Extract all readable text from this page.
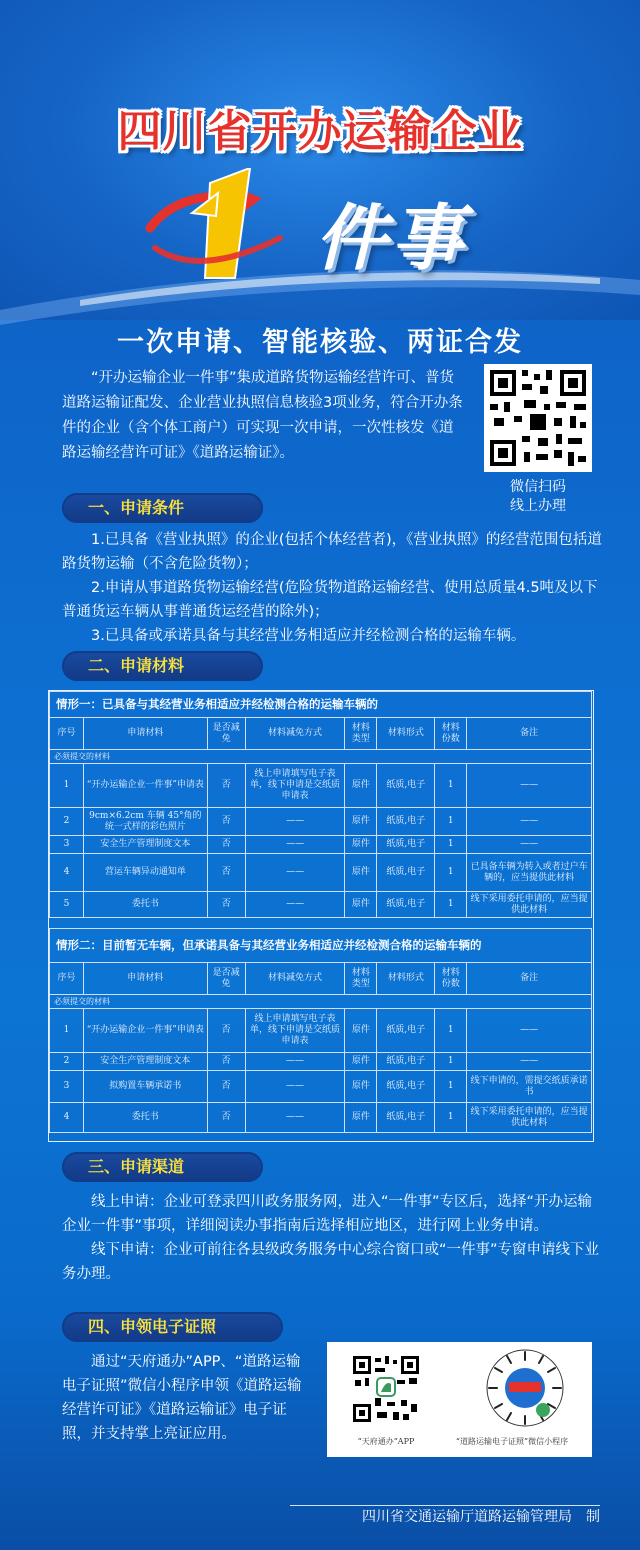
四川省开办运输企业
件事
一次申请、智能核验、两证合发
“开办运输企业一件事”集成道路货物运输经营许可、普货道路运输证配发、企业营业执照信息核验3项业务，符合开办条件的企业（含个体工商户）可实现一次申请，一次性核发《道路运输经营许可证》《道路运输证》。
微信扫码
线上办理
一、申请条件

1.已具备《营业执照》的企业(包括个体经营者)，《营业执照》的经营范围包括道路货物运输（不含危险货物）；

2.申请从事道路货物运输经营(危险货物道路运输经营、使用总质量4.5吨及以下普通货运车辆从事普通货运经营的除外)；

3.已具备或承诺具备与其经营业务相适应并经检测合格的运输车辆。

二、申请材料
情形一：已具备与其经营业务相适应并经检测合格的运输车辆的							
序号	申请材料	是否减免	材料减免方式	材料类型	材料形式	材料份数	备注
必须提交的材料							
1	“开办运输企业一件事”申请表	否	线上申请填写电子表单，线下申请是交纸质申请表	原件	纸质,电子	1	——
2	9cm×6.2cm 车辆 45°角的统一式样的彩色照片	否	——	原件	纸质,电子	1	——
3	安全生产管理制度文本	否	——	原件	纸质,电子	1	——
4	营运车辆异动通知单	否	——	原件	纸质,电子	1	已具备车辆为转入或者过户车辆的，应当提供此材料
5	委托书	否	——	原件	纸质,电子	1	线下采用委托申请的，应当提供此材料
情形二：目前暂无车辆，但承诺具备与其经营业务相适应并经检测合格的运输车辆的							
序号	申请材料	是否减免	材料减免方式	材料类型	材料形式	材料份数	备注
必须提交的材料							
1	“开办运输企业一件事”申请表	否	线上申请填写电子表单，线下申请是交纸质申请表	原件	纸质,电子	1	——
2	安全生产管理制度文本	否	——	原件	纸质,电子	1	——
3	拟购置车辆承诺书	否	——	原件	纸质,电子	1	线下申请的，需提交纸质承诺书
4	委托书	否	——	原件	纸质,电子	1	线下采用委托申请的，应当提供此材料
三、申请渠道

线上申请：企业可登录四川政务服务网，进入“一件事”专区后，选择“开办运输企业一件事”事项，详细阅读办事指南后选择相应地区，进行网上业务申请。

线下申请：企业可前往各县级政务服务中心综合窗口或“一件事”专窗申请线下业务办理。

四、申领电子证照
通过“天府通办”APP、“道路运输电子证照”微信小程序申领《道路运输经营许可证》《道路运输证》电子证照，并支持掌上亮证应用。	“天府通办”APP	“道路运输电子证照”微信小程序
四川省交通运输厅道路运输管理局　制
